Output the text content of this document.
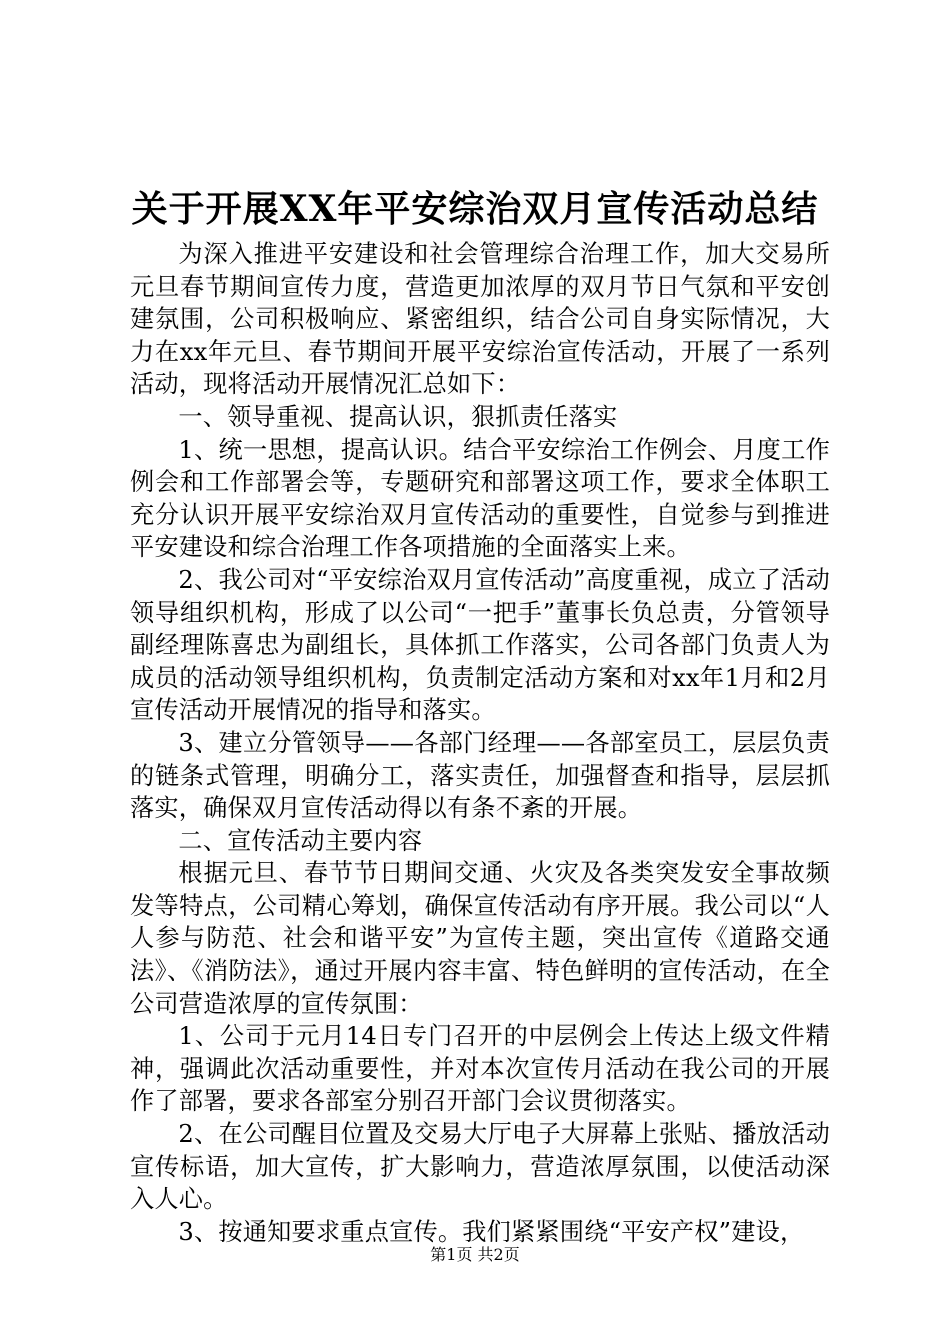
关于开展XX年平安综治双月宣传活动总结

为深入推进平安建设和社会管理综合治理工作，加大交易所元旦春节期间宣传力度，营造更加浓厚的双月节日气氛和平安创建氛围，公司积极响应、紧密组织，结合公司自身实际情况，大力在xx年元旦、春节期间开展平安综治宣传活动，开展了一系列活动，现将活动开展情况汇总如下：

一、领导重视、提高认识，狠抓责任落实

1、统一思想，提高认识。结合平安综治工作例会、月度工作例会和工作部署会等，专题研究和部署这项工作，要求全体职工充分认识开展平安综治双月宣传活动的重要性，自觉参与到推进平安建设和综合治理工作各项措施的全面落实上来。

2、我公司对“平安综治双月宣传活动”高度重视，成立了活动领导组织机构，形成了以公司“一把手”董事长负总责，分管领导副经理陈喜忠为副组长，具体抓工作落实，公司各部门负责人为成员的活动领导组织机构，负责制定活动方案和对xx年1月和2月宣传活动开展情况的指导和落实。

3、建立分管领导——各部门经理——各部室员工，层层负责的链条式管理，明确分工，落实责任，加强督查和指导，层层抓落实，确保双月宣传活动得以有条不紊的开展。

二、宣传活动主要内容

根据元旦、春节节日期间交通、火灾及各类突发安全事故频发等特点，公司精心筹划，确保宣传活动有序开展。我公司以“人人参与防范、社会和谐平安”为宣传主题，突出宣传《道路交通法》、《消防法》，通过开展内容丰富、特色鲜明的宣传活动，在全公司营造浓厚的宣传氛围：

1、公司于元月14日专门召开的中层例会上传达上级文件精神，强调此次活动重要性，并对本次宣传月活动在我公司的开展作了部署，要求各部室分别召开部门会议贯彻落实。

2、在公司醒目位置及交易大厅电子大屏幕上张贴、播放活动宣传标语，加大宣传，扩大影响力，营造浓厚氛围，以使活动深入人心。

3、按通知要求重点宣传。我们紧紧围绕“平安产权”建设，

第1页 共2页
